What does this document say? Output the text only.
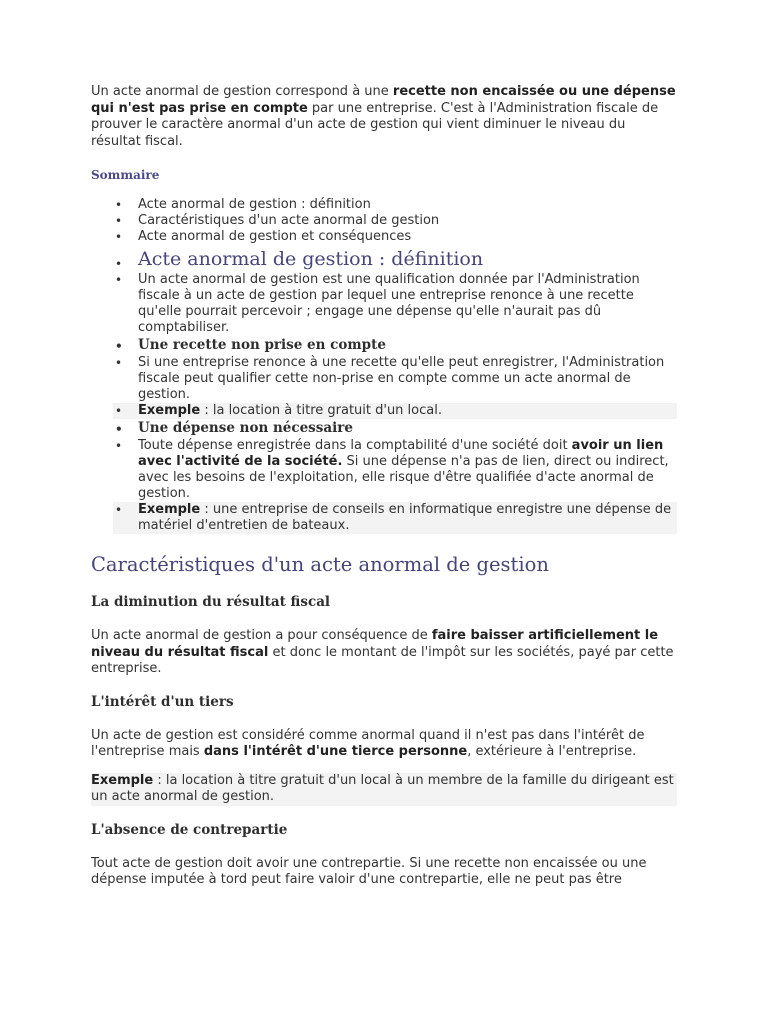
Un acte anormal de gestion correspond à une recette non encaissée ou une dépense qui n'est pas prise en compte par une entreprise. C'est à l'Administration fiscale de prouver le caractère anormal d'un acte de gestion qui vient diminuer le niveau du résultat fiscal.

Sommaire
• Acte anormal de gestion : définition
• Caractéristiques d'un acte anormal de gestion
• Acte anormal de gestion et conséquences
• Acte anormal de gestion : définition
• Un acte anormal de gestion est une qualification donnée par l'Administration fiscale à un acte de gestion par lequel une entreprise renonce à une recette qu'elle pourrait percevoir ; engage une dépense qu'elle n'aurait pas dû comptabiliser.
• Une recette non prise en compte
• Si une entreprise renonce à une recette qu'elle peut enregistrer, l'Administration fiscale peut qualifier cette non-prise en compte comme un acte anormal de gestion.
• Exemple : la location à titre gratuit d'un local.
• Une dépense non nécessaire
• Toute dépense enregistrée dans la comptabilité d'une société doit avoir un lien avec l'activité de la société. Si une dépense n'a pas de lien, direct ou indirect, avec les besoins de l'exploitation, elle risque d'être qualifiée d'acte anormal de gestion.
• Exemple : une entreprise de conseils en informatique enregistre une dépense de matériel d'entretien de bateaux.
Caractéristiques d'un acte anormal de gestion
La diminution du résultat fiscal

Un acte anormal de gestion a pour conséquence de faire baisser artificiellement le niveau du résultat fiscal et donc le montant de l'impôt sur les sociétés, payé par cette entreprise.

L'intérêt d'un tiers

Un acte de gestion est considéré comme anormal quand il n'est pas dans l'intérêt de l'entreprise mais dans l'intérêt d'une tierce personne, extérieure à l'entreprise.

Exemple : la location à titre gratuit d'un local à un membre de la famille du dirigeant est un acte anormal de gestion.

L'absence de contrepartie

Tout acte de gestion doit avoir une contrepartie. Si une recette non encaissée ou une dépense imputée à tord peut faire valoir d'une contrepartie, elle ne peut pas être
